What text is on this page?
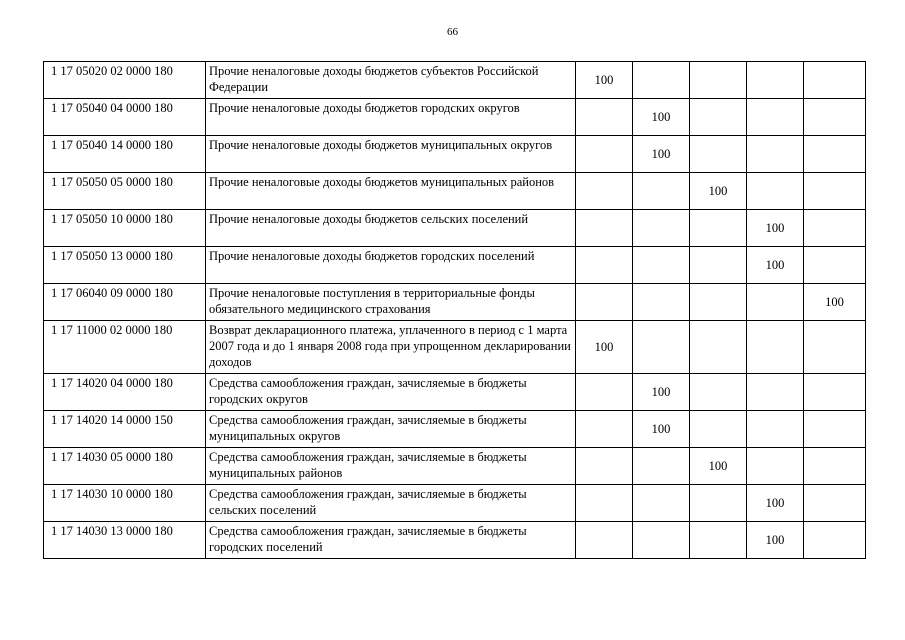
66
1 17 05020 02 0000 180	Прочие неналоговые доходы бюджетов субъектов Российской Федерации	100				
1 17 05040 04 0000 180	Прочие неналоговые доходы бюджетов городских округов		100			
1 17 05040 14 0000 180	Прочие неналоговые доходы бюджетов муниципальных округов		100			
1 17 05050 05 0000 180	Прочие неналоговые доходы бюджетов муниципальных районов			100		
1 17 05050 10 0000 180	Прочие неналоговые доходы бюджетов сельских поселений				100	
1 17 05050 13 0000 180	Прочие неналоговые доходы бюджетов городских поселений				100	
1 17 06040 09 0000 180	Прочие неналоговые поступления в территориальные фонды обязательного медицинского страхования					100
1 17 11000 02 0000 180	Возврат декларационного платежа, уплаченного в период с 1 марта 2007 года и до 1 января 2008 года при упрощенном декларировании доходов	100				
1 17 14020 04 0000 180	Средства самообложения граждан, зачисляемые в бюджеты городских округов		100			
1 17 14020 14 0000 150	Средства самообложения граждан, зачисляемые в бюджеты муниципальных округов		100			
1 17 14030 05 0000 180	Средства самообложения граждан, зачисляемые в бюджеты муниципальных районов			100		
1 17 14030 10 0000 180	Средства самообложения граждан, зачисляемые в бюджеты сельских поселений				100	
1 17 14030 13 0000 180	Средства самообложения граждан, зачисляемые в бюджеты городских поселений				100	
